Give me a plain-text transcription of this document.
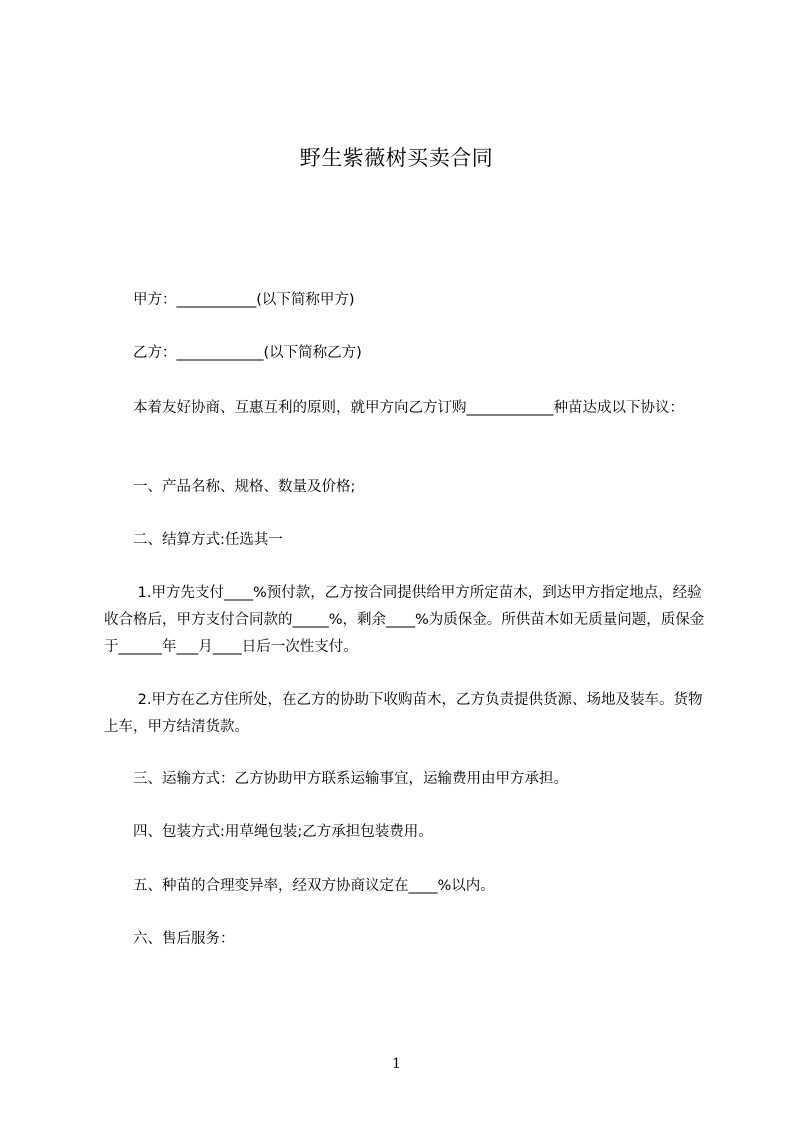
野生紫薇树买卖合同
　　甲方：___________(以下简称甲方)
　　乙方：____________(以下简称乙方)
　　本着友好协商、互惠互利的原则，就甲方向乙方订购____________种苗达成以下协议：
　　一、产品名称、规格、数量及价格;
　　二、结算方式:任选其一
　　 1.甲方先支付____%预付款，乙方按合同提供给甲方所定苗木，到达甲方指定地点，经验收合格后，甲方支付合同款的_____%，剩余____%为质保金。所供苗木如无质量问题，质保金于______年___月____日后一次性支付。
　　 2.甲方在乙方住所处，在乙方的协助下收购苗木，乙方负责提供货源、场地及装车。货物上车，甲方结清货款。
　　三、运输方式：乙方协助甲方联系运输事宜，运输费用由甲方承担。
　　四、包装方式:用草绳包装;乙方承担包装费用。
　　五、种苗的合理变异率，经双方协商议定在____%以内。
　　六、售后服务：
1
